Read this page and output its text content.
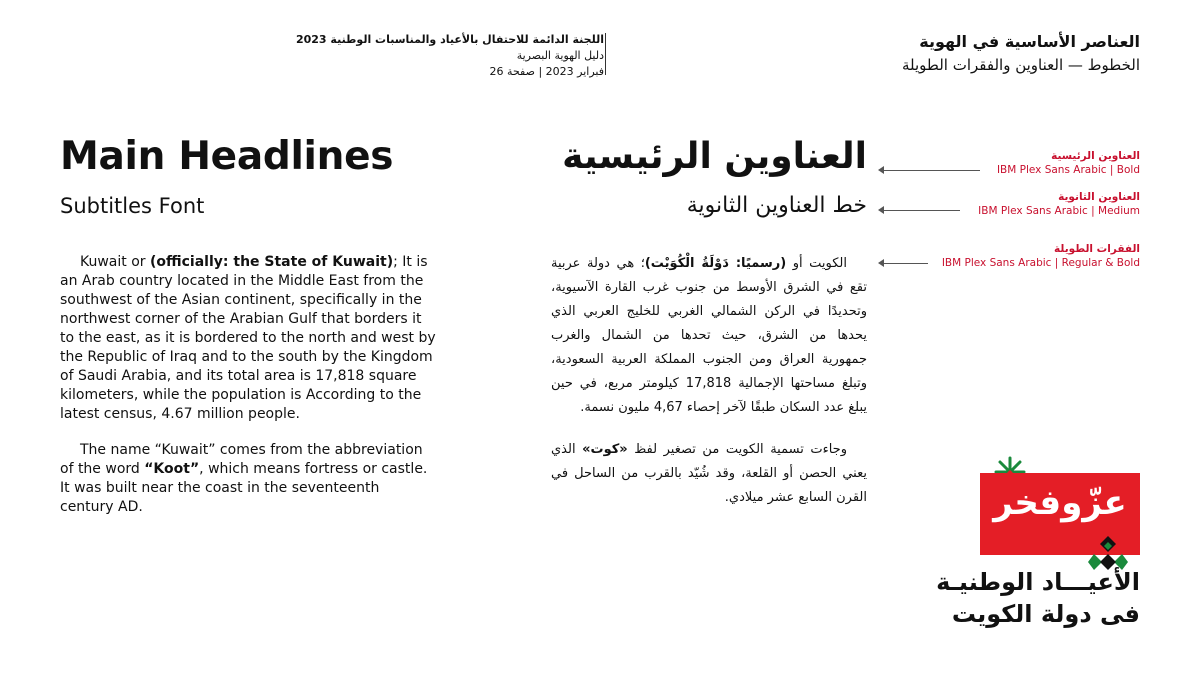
العناصر الأساسية في الهوية
الخطوط — العناوين والفقرات الطويلة
اللجنة الدائمة للاحتفال بالأعياد والمناسبات الوطنية 2023
دليل الهوية البصرية
فبراير 2023 | صفحة 26
Main Headlines
Subtitles Font

Kuwait or (officially: the State of Kuwait); It is an Arab country located in the Middle East from the southwest of the Asian continent, specifically in the northwest corner of the Arabian Gulf that borders it to the east, as it is bordered to the north and west by the Republic of Iraq and to the south by the Kingdom of Saudi Arabia, and its total area is 17,818 square kilometers, while the population is According to the latest census, 4.67 million people.

The name “Kuwait” comes from the abbreviation of the word “Koot”, which means fortress or castle. It was built near the coast in the seventeenth century AD.

العناوين الرئيسية
خط العناوين الثانوية

الكويت أو (رسميًا: دَوْلَةُ الْكُوَيْت)؛ هي دولة عربية تقع في الشرق الأوسط من جنوب غرب القارة الآسيوية، وتحديدًا في الركن الشمالي الغربي للخليج العربي الذي يحدها من الشرق، حيث تحدها من الشمال والغرب جمهورية العراق ومن الجنوب المملكة العربية السعودية، وتبلغ مساحتها الإجمالية 17,818 كيلومتر مربع، في حين يبلغ عدد السكان طبقًا لآخر إحصاء 4,67 مليون نسمة.

وجاءت تسمية الكويت من تصغير لفظ «كوت» الذي يعني الحصن أو القلعة، وقد شُيّد بالقرب من الساحل في القرن السابع عشر ميلادي.

العناوين الرئيسية
IBM Plex Sans Arabic | Bold
العناوين الثانوية
IBM Plex Sans Arabic | Medium
الفقرات الطويلة
IBM Plex Sans Arabic | Regular & Bold
عزّوفخر
الأعيـــاد الوطنيـة
فى دولة الكويت
